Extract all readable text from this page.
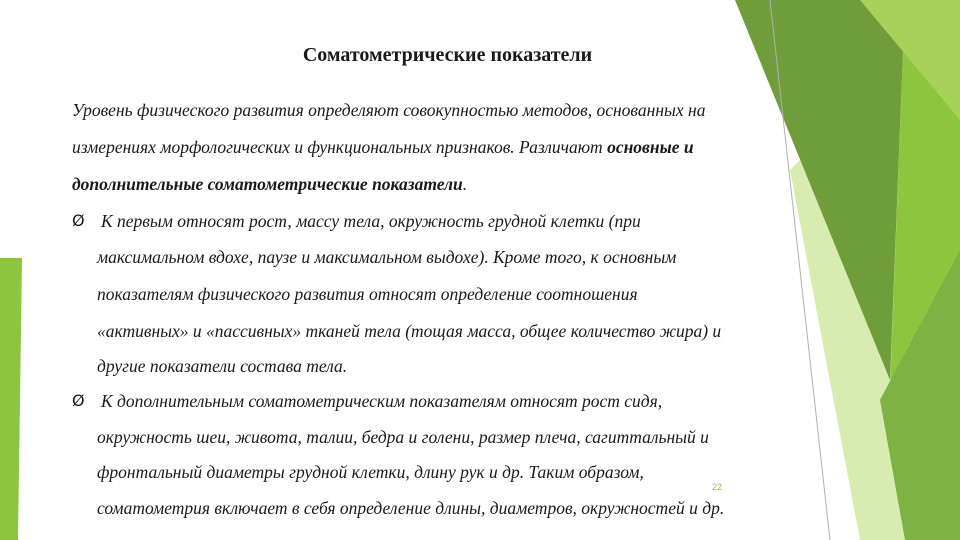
Соматометрические показатели
Уровень физического развития определяют совокупностью методов, основанных на
измерениях морфологических и функциональных признаков. Различают основные и
дополнительные соматометрические показатели.
Ø К первым относят рост, массу тела, окружность грудной клетки (при
максимальном вдохе, паузе и максимальном выдохе). Кроме того, к основным
показателям физического развития относят определение соотношения
«активных» и «пассивных» тканей тела (тощая масса, общее количество жира) и
другие показатели состава тела.
Ø К дополнительным соматометрическим показателям относят рост сидя,
окружность шеи, живота, талии, бедра и голени, размер плеча, сагиттальный и
фронтальный диаметры грудной клетки, длину рук и др. Таким образом,
соматометрия включает в себя определение длины, диаметров, окружностей и др.
22
